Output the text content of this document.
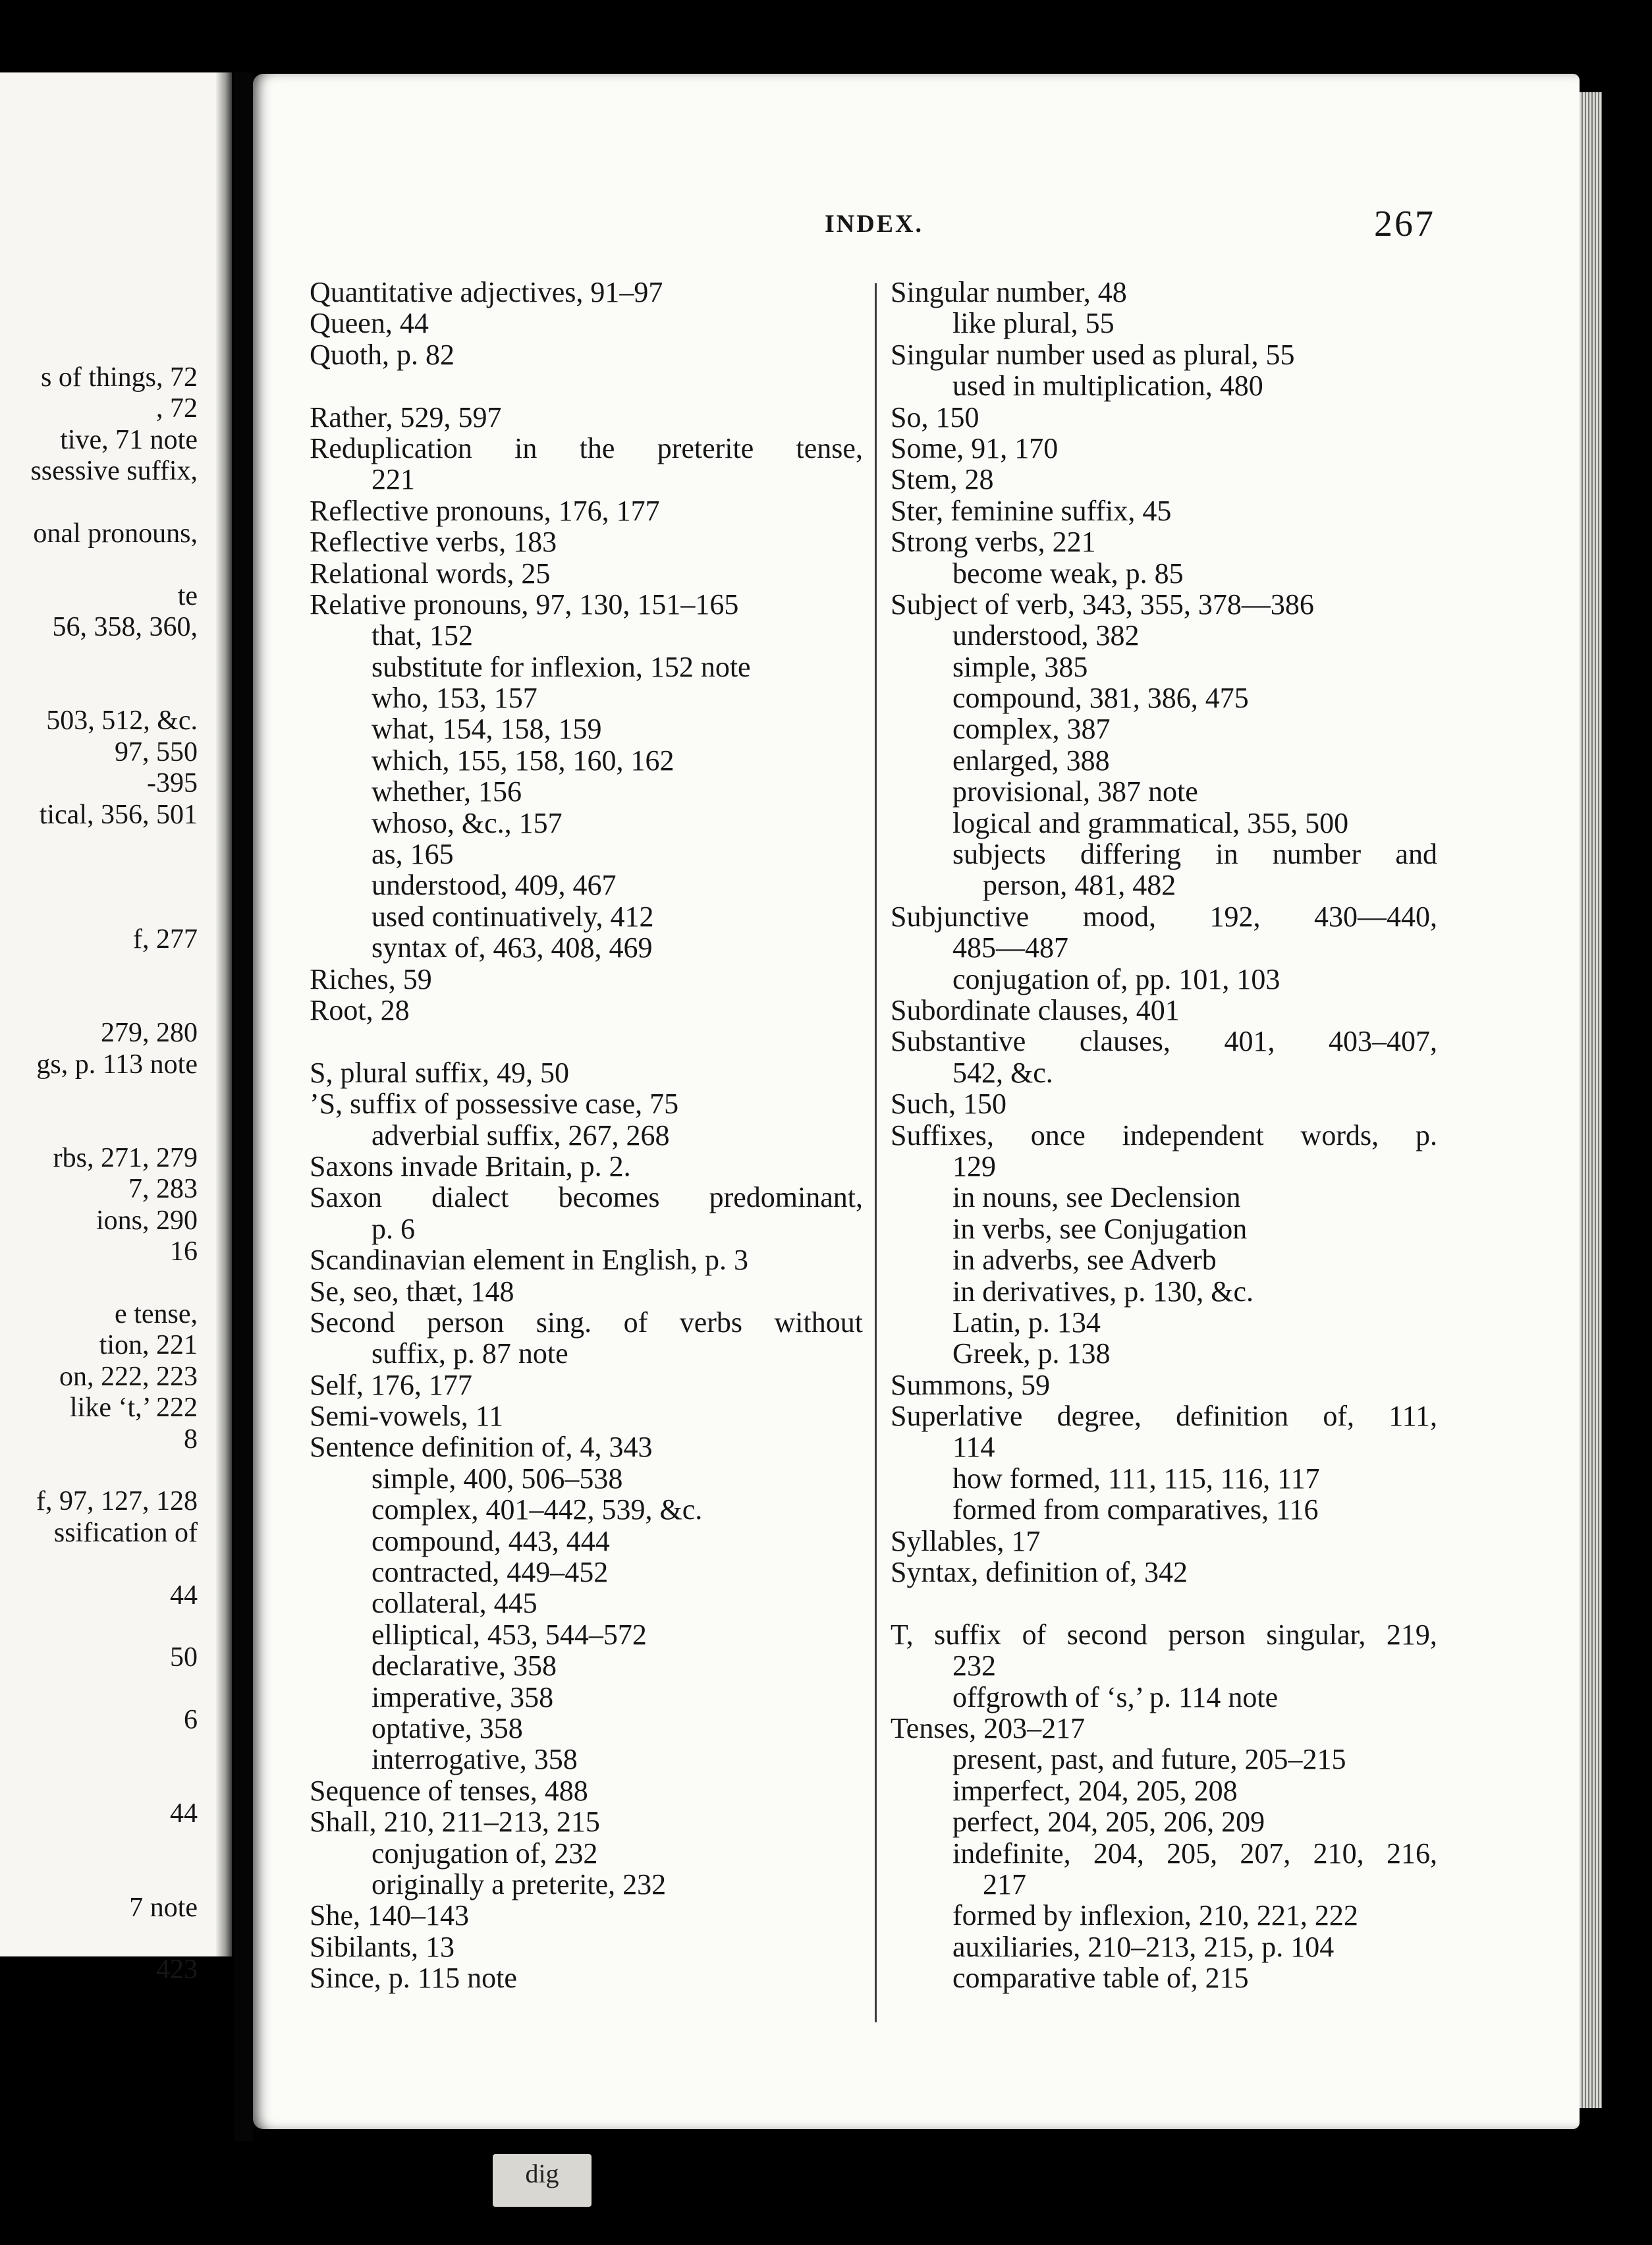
s of things, 72
, 72
tive, 71 note
ssessive suffix,
onal pronouns,
te
56, 358, 360,
503, 512, &c.
97, 550
-395
tical, 356, 501
f, 277
279, 280
gs, p. 113 note
rbs, 271, 279
7, 283
ions, 290
16
e tense,
tion, 221
on, 222, 223
like ‘t,’ 222
8
f, 97, 127, 128
ssification of
44
50
6
44
7 note
423
INDEX.	267
Quantitative adjectives, 91–97
Queen, 44
Quoth, p. 82
Rather, 529, 597
Reduplication in the preterite tense,
221
Reflective pronouns, 176, 177
Reflective verbs, 183
Relational words, 25
Relative pronouns, 97, 130, 151–165
that, 152
substitute for inflexion, 152 note
who, 153, 157
what, 154, 158, 159
which, 155, 158, 160, 162
whether, 156
whoso, &c., 157
as, 165
understood, 409, 467
used continuatively, 412
syntax of, 463, 408, 469
Riches, 59
Root, 28
S, plural suffix, 49, 50
’S, suffix of possessive case, 75
adverbial suffix, 267, 268
Saxons invade Britain, p. 2.
Saxon dialect becomes predominant,
p. 6
Scandinavian element in English, p. 3
Se, seo, thæt, 148
Second person sing. of verbs without
suffix, p. 87 note
Self, 176, 177
Semi-vowels, 11
Sentence definition of, 4, 343
simple, 400, 506–538
complex, 401–442, 539, &c.
compound, 443, 444
contracted, 449–452
collateral, 445
elliptical, 453, 544–572
declarative, 358
imperative, 358
optative, 358
interrogative, 358
Sequence of tenses, 488
Shall, 210, 211–213, 215
conjugation of, 232
originally a preterite, 232
She, 140–143
Sibilants, 13
Since, p. 115 note
Singular number, 48
like plural, 55
Singular number used as plural, 55
used in multiplication, 480
So, 150
Some, 91, 170
Stem, 28
Ster, feminine suffix, 45
Strong verbs, 221
become weak, p. 85
Subject of verb, 343, 355, 378—386
understood, 382
simple, 385
compound, 381, 386, 475
complex, 387
enlarged, 388
provisional, 387 note
logical and grammatical, 355, 500
subjects differing in number and
person, 481, 482
Subjunctive mood, 192, 430—440,
485—487
conjugation of, pp. 101, 103
Subordinate clauses, 401
Substantive clauses, 401, 403–407,
542, &c.
Such, 150
Suffixes, once independent words, p.
129
in nouns, see Declension
in verbs, see Conjugation
in adverbs, see Adverb
in derivatives, p. 130, &c.
Latin, p. 134
Greek, p. 138
Summons, 59
Superlative degree, definition of, 111,
114
how formed, 111, 115, 116, 117
formed from comparatives, 116
Syllables, 17
Syntax, definition of, 342
T, suffix of second person singular, 219,
232
offgrowth of ‘s,’ p. 114 note
Tenses, 203–217
present, past, and future, 205–215
imperfect, 204, 205, 208
perfect, 204, 205, 206, 209
indefinite, 204, 205, 207, 210, 216,
217
formed by inflexion, 210, 221, 222
auxiliaries, 210–213, 215, p. 104
comparative table of, 215
dig
